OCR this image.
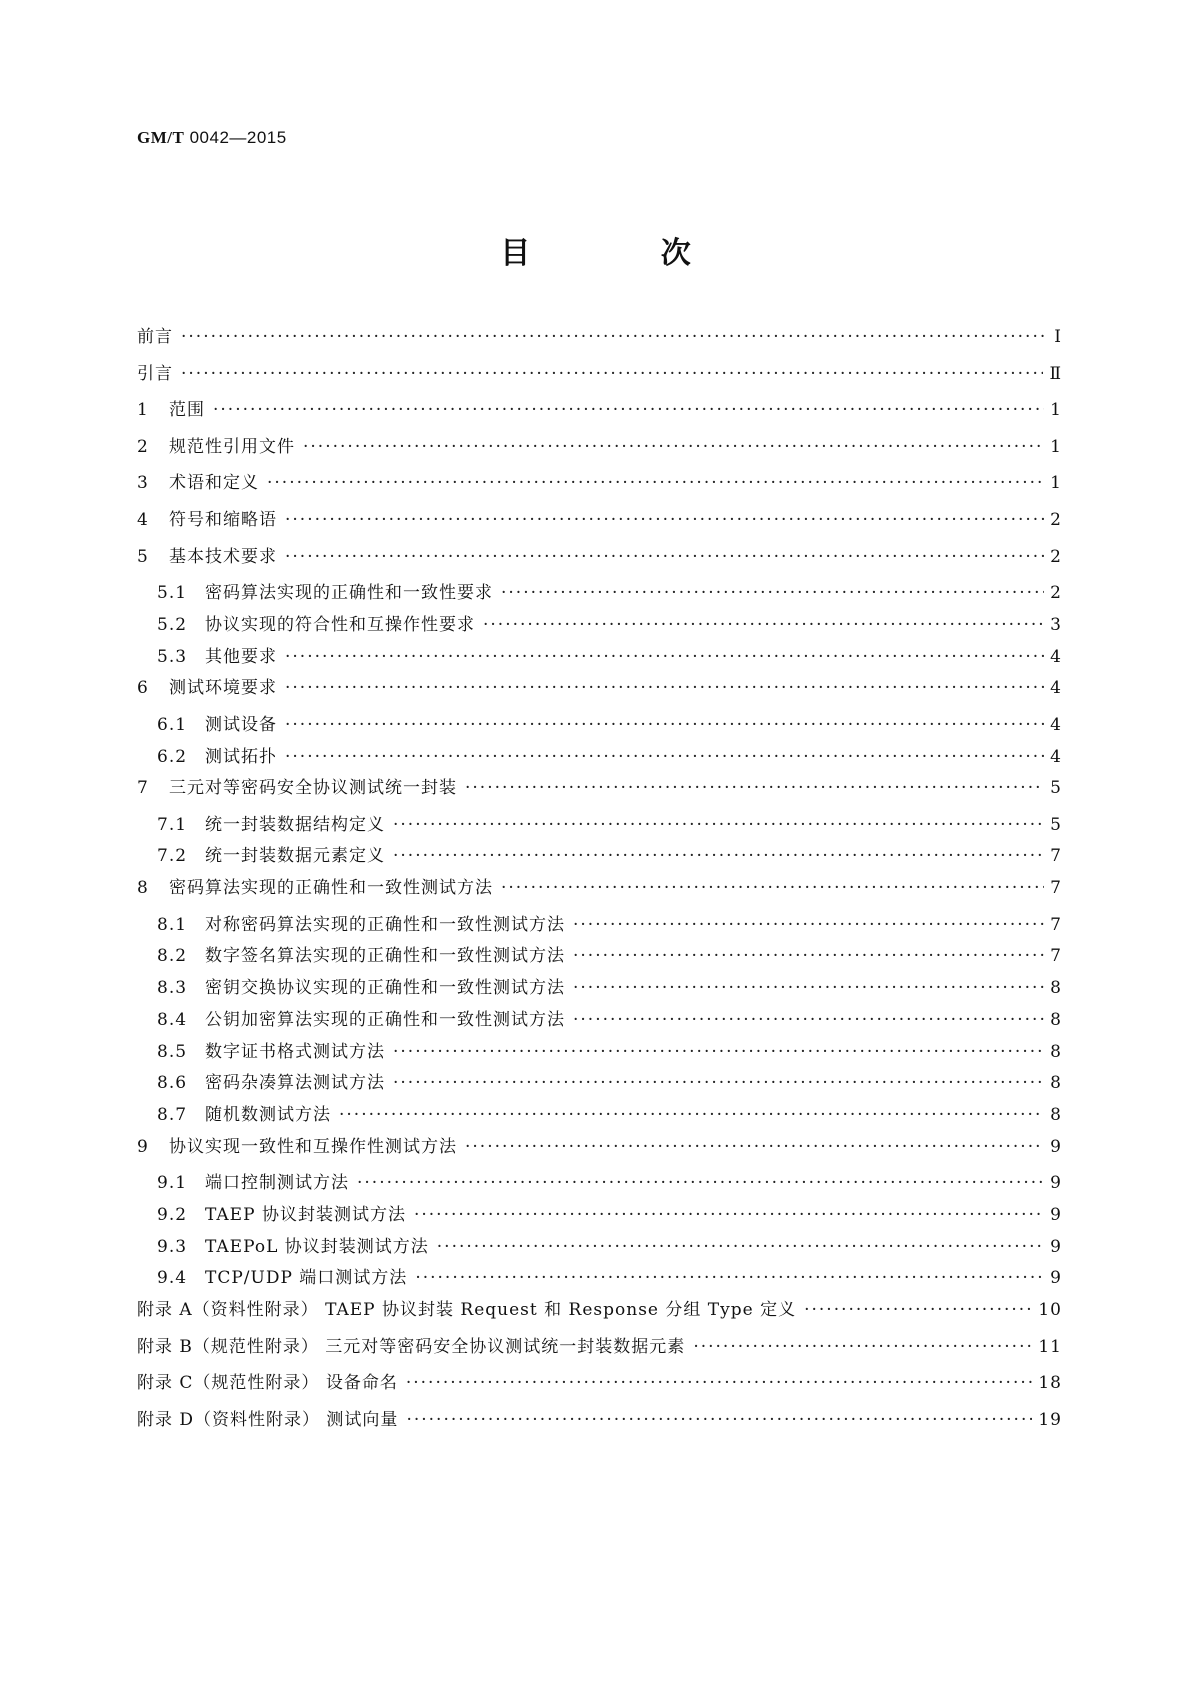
GM/T 0042—2015
目 次
前言 ·····	Ⅰ
引言 ·····	Ⅱ
1	范围 ·····	1
2	规范性引用文件 ·····	1
3	术语和定义 ·····	1
4	符号和缩略语 ·····	2
5	基本技术要求 ·····	2
5.1	密码算法实现的正确性和一致性要求 ·····	2
5.2	协议实现的符合性和互操作性要求 ·····	3
5.3	其他要求 ·····	4
6	测试环境要求 ·····	4
6.1	测试设备 ·····	4
6.2	测试拓扑 ·····	4
7	三元对等密码安全协议测试统一封装 ·····	5
7.1	统一封装数据结构定义 ·····	5
7.2	统一封装数据元素定义 ·····	7
8	密码算法实现的正确性和一致性测试方法 ·····	7
8.1	对称密码算法实现的正确性和一致性测试方法 ·····	7
8.2	数字签名算法实现的正确性和一致性测试方法 ·····	7
8.3	密钥交换协议实现的正确性和一致性测试方法 ·····	8
8.4	公钥加密算法实现的正确性和一致性测试方法 ·····	8
8.5	数字证书格式测试方法 ·····	8
8.6	密码杂凑算法测试方法 ·····	8
8.7	随机数测试方法 ·····	8
9	协议实现一致性和互操作性测试方法 ·····	9
9.1	端口控制测试方法 ·····	9
9.2	TAEP 协议封装测试方法 ·····	9
9.3	TAEPoL 协议封装测试方法 ·····	9
9.4	TCP/UDP 端口测试方法 ·····	9
附录 A（资料性附录） TAEP 协议封装 Request 和 Response 分组 Type 定义 ·····	10
附录 B（规范性附录） 三元对等密码安全协议测试统一封装数据元素 ·····	11
附录 C（规范性附录） 设备命名 ·····	18
附录 D（资料性附录） 测试向量 ·····	19
